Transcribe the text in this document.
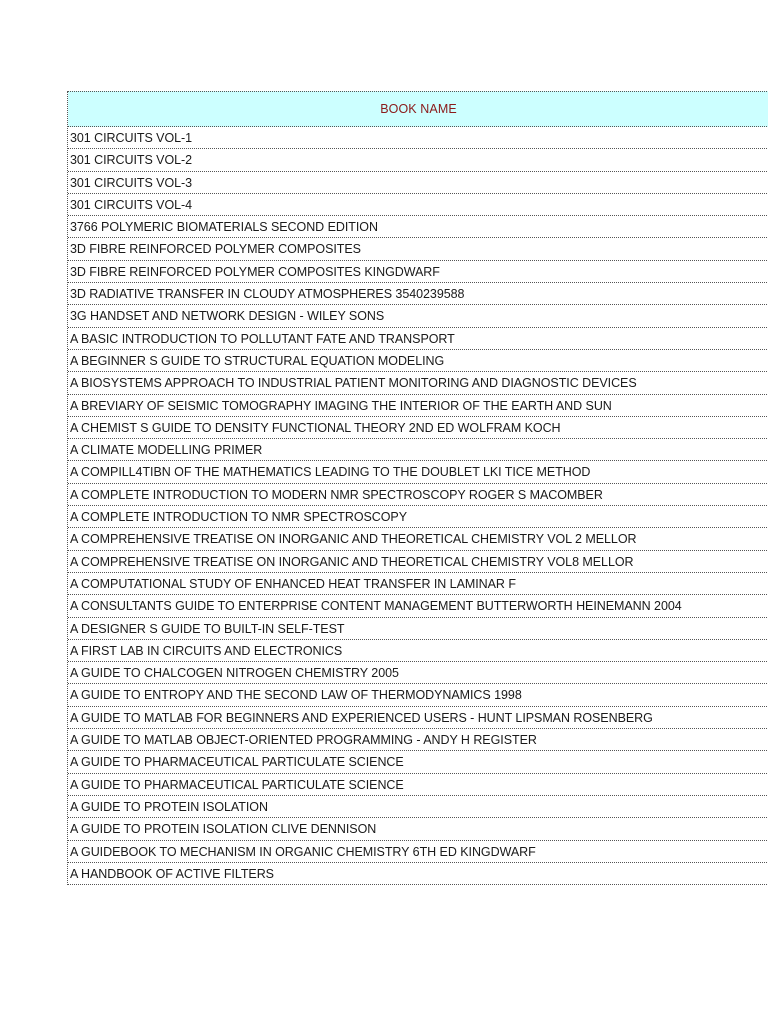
BOOK NAME
301 CIRCUITS VOL-1
301 CIRCUITS VOL-2
301 CIRCUITS VOL-3
301 CIRCUITS VOL-4
3766 POLYMERIC BIOMATERIALS SECOND EDITION
3D FIBRE REINFORCED POLYMER COMPOSITES
3D FIBRE REINFORCED POLYMER COMPOSITES KINGDWARF
3D RADIATIVE TRANSFER IN CLOUDY ATMOSPHERES 3540239588
3G HANDSET AND NETWORK DESIGN - WILEY SONS
A BASIC INTRODUCTION TO POLLUTANT FATE AND TRANSPORT
A BEGINNER S GUIDE TO STRUCTURAL EQUATION MODELING
A BIOSYSTEMS APPROACH TO INDUSTRIAL PATIENT MONITORING AND DIAGNOSTIC DEVICES
A BREVIARY OF SEISMIC TOMOGRAPHY IMAGING THE INTERIOR OF THE EARTH AND SUN
A CHEMIST S GUIDE TO DENSITY FUNCTIONAL THEORY 2ND ED WOLFRAM KOCH
A CLIMATE MODELLING PRIMER
A COMPILL4TIBN OF THE MATHEMATICS LEADING TO THE DOUBLET LKI TICE METHOD
A COMPLETE INTRODUCTION TO MODERN NMR SPECTROSCOPY ROGER S MACOMBER
A COMPLETE INTRODUCTION TO NMR SPECTROSCOPY
A COMPREHENSIVE TREATISE ON INORGANIC AND THEORETICAL CHEMISTRY VOL 2 MELLOR
A COMPREHENSIVE TREATISE ON INORGANIC AND THEORETICAL CHEMISTRY VOL8 MELLOR
A COMPUTATIONAL STUDY OF ENHANCED HEAT TRANSFER IN LAMINAR F
A CONSULTANTS GUIDE TO ENTERPRISE CONTENT MANAGEMENT BUTTERWORTH HEINEMANN 2004
A DESIGNER S GUIDE TO BUILT-IN SELF-TEST
A FIRST LAB IN CIRCUITS AND ELECTRONICS
A GUIDE TO CHALCOGEN NITROGEN CHEMISTRY 2005
A GUIDE TO ENTROPY AND THE SECOND LAW OF THERMODYNAMICS 1998
A GUIDE TO MATLAB FOR BEGINNERS AND EXPERIENCED USERS - HUNT LIPSMAN ROSENBERG
A GUIDE TO MATLAB OBJECT-ORIENTED PROGRAMMING - ANDY H REGISTER
A GUIDE TO PHARMACEUTICAL PARTICULATE SCIENCE
A GUIDE TO PHARMACEUTICAL PARTICULATE SCIENCE
A GUIDE TO PROTEIN ISOLATION
A GUIDE TO PROTEIN ISOLATION CLIVE DENNISON
A GUIDEBOOK TO MECHANISM IN ORGANIC CHEMISTRY 6TH ED KINGDWARF
A HANDBOOK OF ACTIVE FILTERS
